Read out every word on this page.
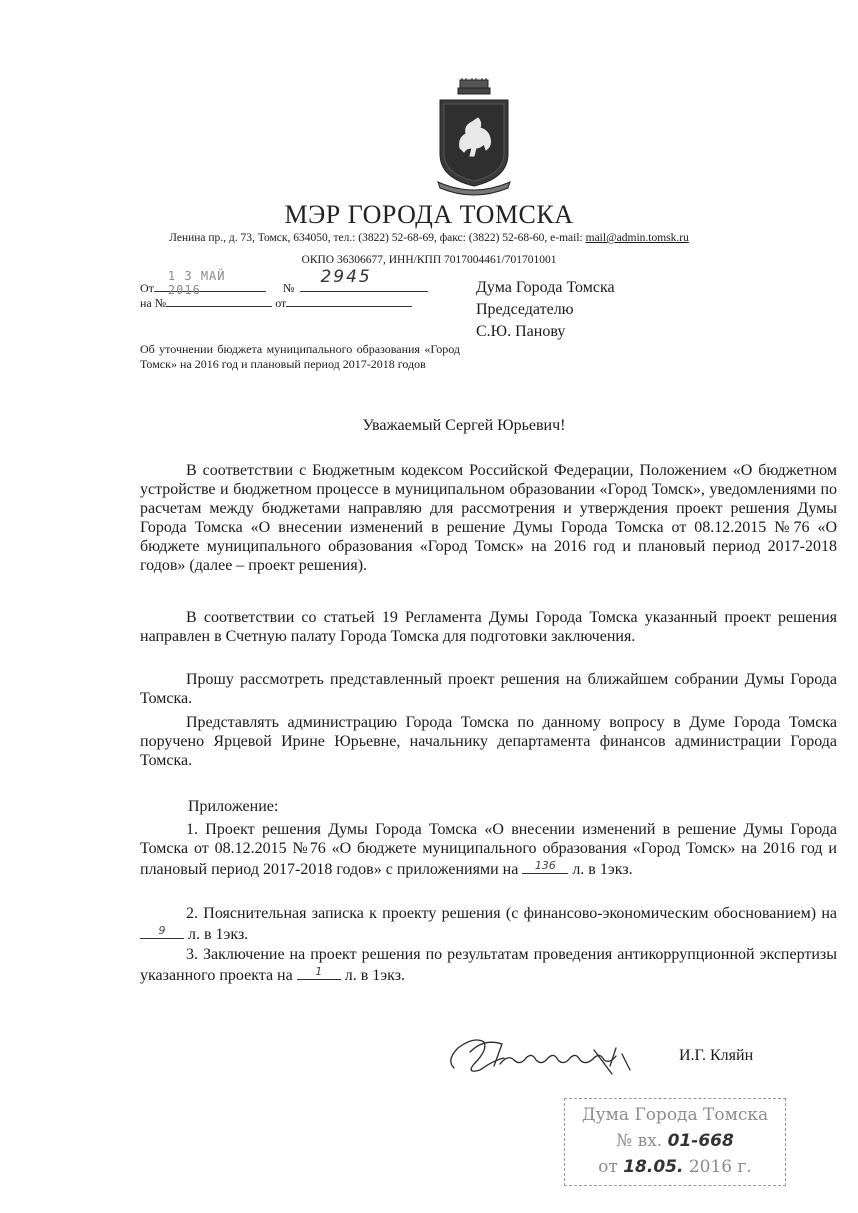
МЭР ГОРОДА ТОМСКА
Ленина пр., д. 73, Томск, 634050, тел.: (3822) 52-68-69, факс: (3822) 52-68-60, e-mail: mail@admin.tomsk.ru
ОКПО 36306677, ИНН/КПП 7017004461/701701001
От
1 3 МАЙ 2016	№
2945
на №	от
Дума Города Томска
Председателю
С.Ю. Панову
Об уточнении бюджета муниципального образования «Город Томск» на 2016 год и плановый период 2017-2018 годов
Уважаемый Сергей Юрьевич!
В соответствии с Бюджетным кодексом Российской Федерации, Положением «О бюджетном устройстве и бюджетном процессе в муниципальном образовании «Город Томск», уведомлениями по расчетам между бюджетами направляю для рассмотрения и утверждения проект решения Думы Города Томска «О внесении изменений в решение Думы Города Томска от 08.12.2015 №76 «О бюджете муниципального образования «Город Томск» на 2016 год и плановый период 2017-2018 годов» (далее – проект решения).
В соответствии со статьей 19 Регламента Думы Города Томска указанный проект решения направлен в Счетную палату Города Томска для подготовки заключения.
Прошу рассмотреть представленный проект решения на ближайшем собрании Думы Города Томска.
Представлять администрацию Города Томска по данному вопросу в Думе Города Томска поручено Ярцевой Ирине Юрьевне, начальнику департамента финансов администрации Города Томска.
Приложение:
1. Проект решения Думы Города Томска «О внесении изменений в решение Думы Города Томска от 08.12.2015 №76 «О бюджете муниципального образования «Город Томск» на 2016 год и плановый период 2017-2018 годов» с приложениями на	136	л. в 1экз.
2. Пояснительная записка к проекту решения (с финансово-экономическим обоснованием) на
9	л. в 1экз.
3. Заключение на проект решения по результатам проведения антикоррупционной экспертизы указанного проекта на	1	л. в 1экз.
И.Г. Кляйн
Дума Города Томска
№ вх. 01-668
от 18.05. 2016 г.
